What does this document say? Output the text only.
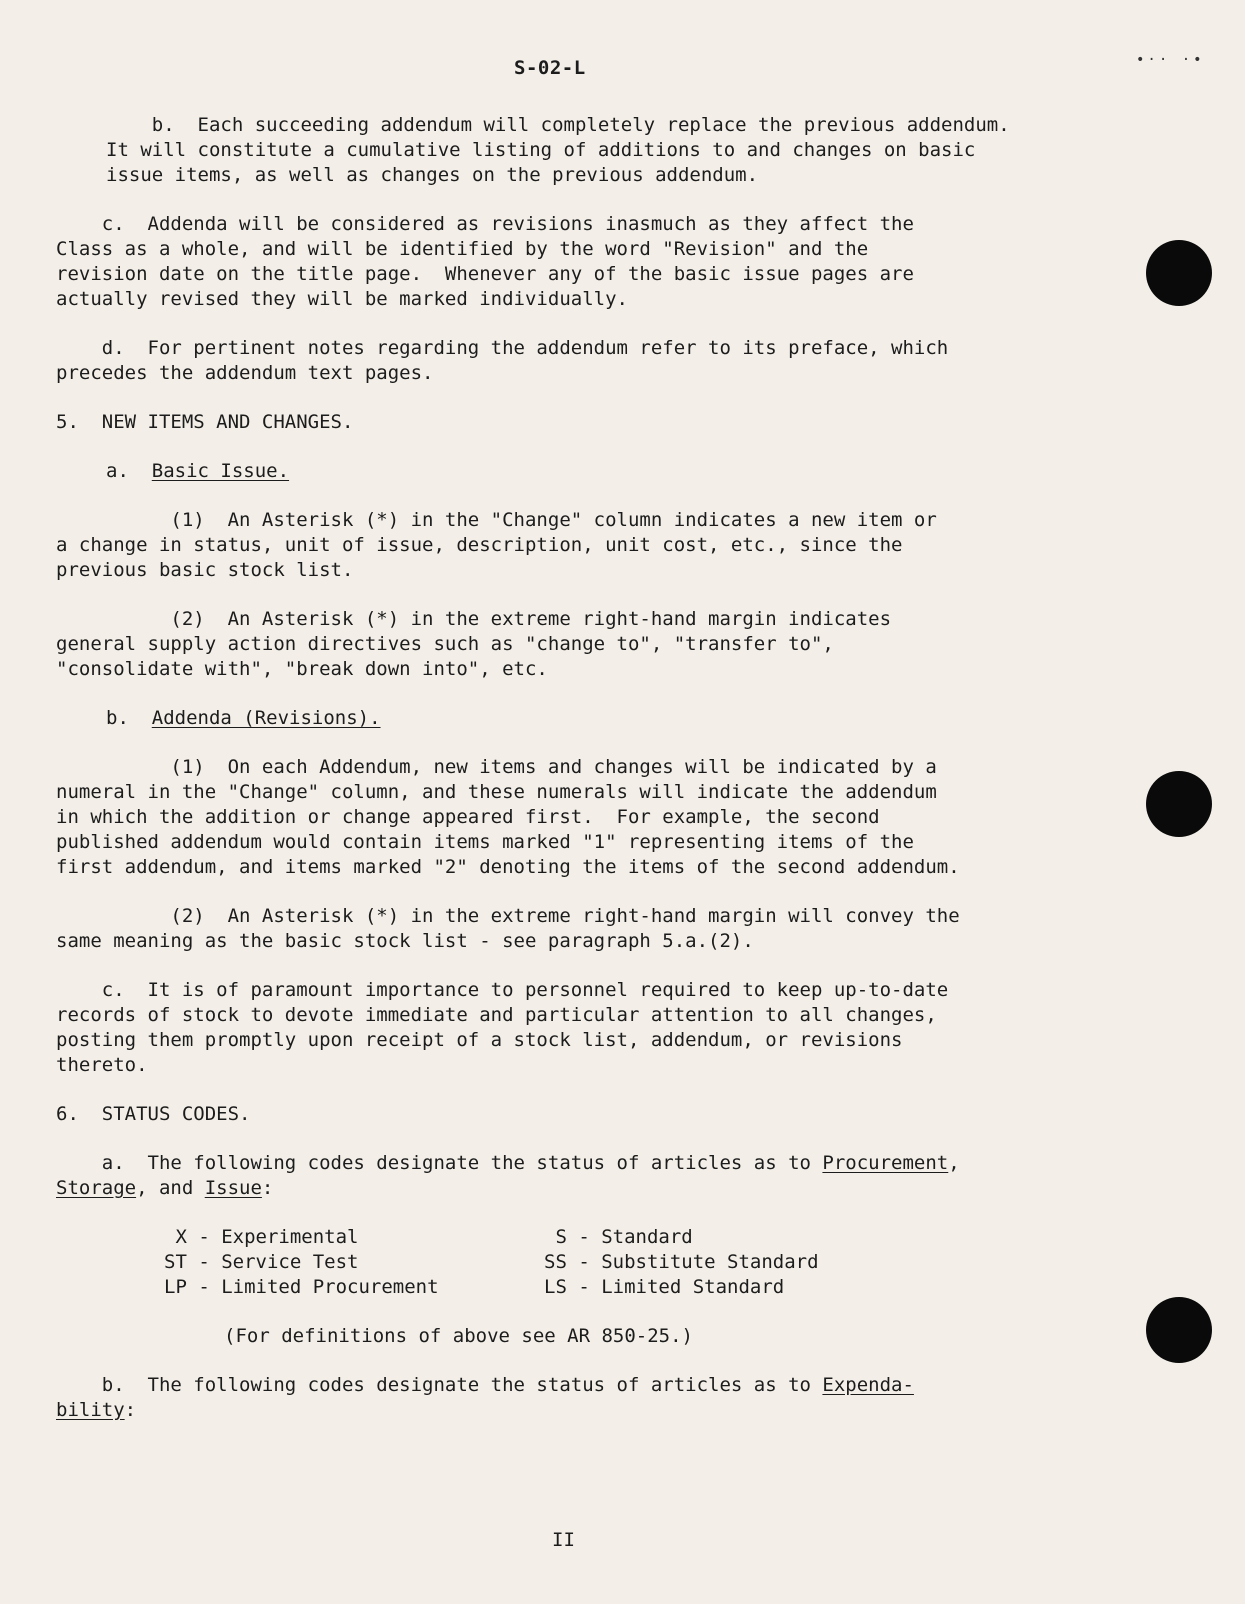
S-02-L	•·· ·•
b.  Each succeeding addendum will completely replace the previous addendum.
It will constitute a cumulative listing of additions to and changes on basic
issue items, as well as changes on the previous addendum.
c.  Addenda will be considered as revisions inasmuch as they affect the
Class as a whole, and will be identified by the word "Revision" and the
revision date on the title page.  Whenever any of the basic issue pages are
actually revised they will be marked individually.
d.  For pertinent notes regarding the addendum refer to its preface, which
precedes the addendum text pages.
5.  NEW ITEMS AND CHANGES.
a.  Basic Issue.
(1)  An Asterisk (*) in the "Change" column indicates a new item or
a change in status, unit of issue, description, unit cost, etc., since the
previous basic stock list.
(2)  An Asterisk (*) in the extreme right-hand margin indicates
general supply action directives such as "change to", "transfer to",
"consolidate with", "break down into", etc.
b.  Addenda (Revisions).
(1)  On each Addendum, new items and changes will be indicated by a
numeral in the "Change" column, and these numerals will indicate the addendum
in which the addition or change appeared first.  For example, the second
published addendum would contain items marked "1" representing items of the
first addendum, and items marked "2" denoting the items of the second addendum.
(2)  An Asterisk (*) in the extreme right-hand margin will convey the
same meaning as the basic stock list - see paragraph 5.a.(2).
c.  It is of paramount importance to personnel required to keep up-to-date
records of stock to devote immediate and particular attention to all changes,
posting them promptly upon receipt of a stock list, addendum, or revisions
thereto.
6.  STATUS CODES.
a.  The following codes designate the status of articles as to Procurement,
Storage, and Issue:
X - Experimental	S - Standard
ST - Service Test	SS - Substitute Standard
LP - Limited Procurement	LS - Limited Standard
(For definitions of above see AR 850-25.)
b.  The following codes designate the status of articles as to Expenda-
bility:
II
